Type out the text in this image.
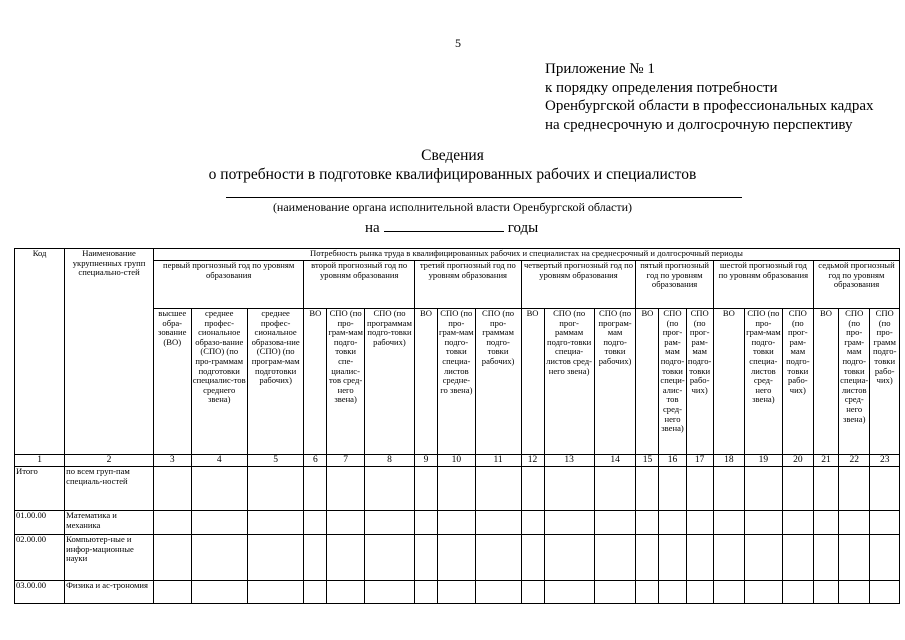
5
Приложение № 1
к порядку определения потребности
Оренбургской области в профессиональных кадрах
на среднесрочную и долгосрочную перспективу
Сведения
о потребности в подготовке квалифицированных рабочих и специалистов
(наименование органа исполнительной власти Оренбургской области)
на	годы
Код	Наименование укрупненных групп специально-стей	Потребность рынка труда в квалифицированных рабочих и специалистах на среднесрочный и долгосрочный периоды																				
		первый прогнозный год по уровням образования			второй прогнозный год по уровням образования			третий прогнозный год по уровням образования			четвертый прогнозный год по уровням образования			пятый прогнозный год по уровням образования			шестой прогнозный год по уровням образования			седьмой прогнозный год по уровням образования		
		высшее обра-зование (ВО)	среднее профес-сиональное образо-вание (СПО) (по про-граммам подготовки специалис-тов среднего звена)	среднее профес-сиональное образова-ние (СПО) (по програм-мам подготовки рабочих)	ВО	СПО (по про-грам-мам подго-товки спе-циалис-тов сред-него звена)	СПО (по программам подго-товки рабочих)	ВО	СПО (по про-грам-мам подго-товки специа-листов средне-го звена)	СПО (по про-граммам подго-товки рабочих)	ВО	СПО (по прог-раммам подго-товки специа-листов сред-него звена)	СПО (по програм-мам подго-товки рабочих)	ВО	СПО (по прог-рам-мам подго-товки специ-алис-тов сред-него звена)	СПО (по прог-рам-мам подго-товки рабо-чих)	ВО	СПО (по про-грам-мам подго-товки специа-листов сред-него звена)	СПО (по прог-рам-мам подго-товки рабо-чих)	ВО	СПО (по про-грам-мам подго-товки специа-листов сред-него звена)	СПО (по про-грамм подго-товки рабо-чих)
1	2	3	4	5	6	7	8	9	10	11	12	13	14	15	16	17	18	19	20	21	22	23
Итого	по всем груп-пам специаль-ностей																					
01.00.00	Математика и механика																					
02.00.00	Компьютер-ные и инфор-мационные науки																					
03.00.00	Физика и ас-трономия																					
